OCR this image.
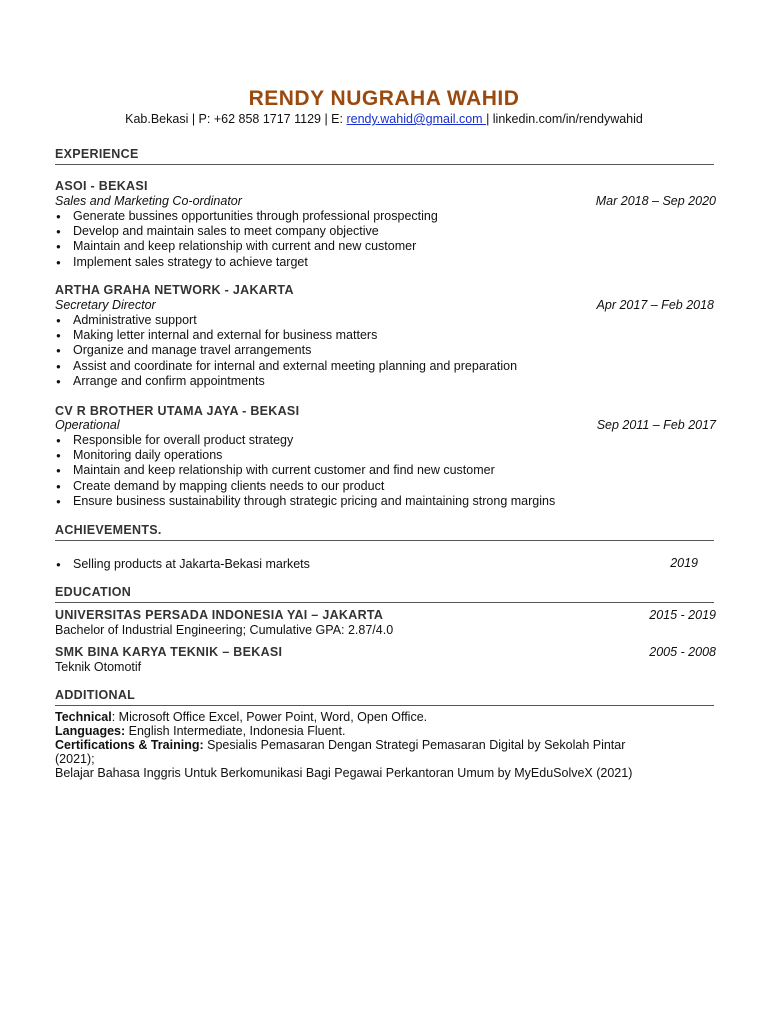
RENDY NUGRAHA WAHID
Kab.Bekasi | P: +62 858 1717 1129 | E: rendy.wahid@gmail.com | linkedin.com/in/rendywahid
EXPERIENCE
ASOI - BEKASI
Sales and Marketing Co-ordinator	Mar 2018 – Sep 2020
● Generate bussines opportunities through professional prospecting
● Develop and maintain sales to meet company objective
● Maintain and keep relationship with current and new customer
● Implement sales strategy to achieve target
ARTHA GRAHA NETWORK - JAKARTA
Secretary Director	Apr 2017 – Feb 2018
● Administrative support
● Making letter internal and external for business matters
● Organize and manage travel arrangements
● Assist and coordinate for internal and external meeting planning and preparation
● Arrange and confirm appointments
CV R BROTHER UTAMA JAYA - BEKASI
Operational	Sep 2011 – Feb 2017
● Responsible for overall product strategy
● Monitoring daily operations
● Maintain and keep relationship with current customer and find new customer
● Create demand by mapping clients needs to our product
● Ensure business sustainability through strategic pricing and maintaining strong margins
ACHIEVEMENTS.
● Selling products at Jakarta-Bekasi markets	2019
EDUCATION
UNIVERSITAS PERSADA INDONESIA YAI – JAKARTA	2015 - 2019
Bachelor of Industrial Engineering; Cumulative GPA: 2.87/4.0
SMK BINA KARYA TEKNIK – BEKASI	2005 - 2008
Teknik Otomotif
ADDITIONAL
Technical: Microsoft Office Excel, Power Point, Word, Open Office.
Languages: English Intermediate, Indonesia Fluent.
Certifications & Training: Spesialis Pemasaran Dengan Strategi Pemasaran Digital by Sekolah Pintar
(2021);
Belajar Bahasa Inggris Untuk Berkomunikasi Bagi Pegawai Perkantoran Umum by MyEduSolveX (2021)
